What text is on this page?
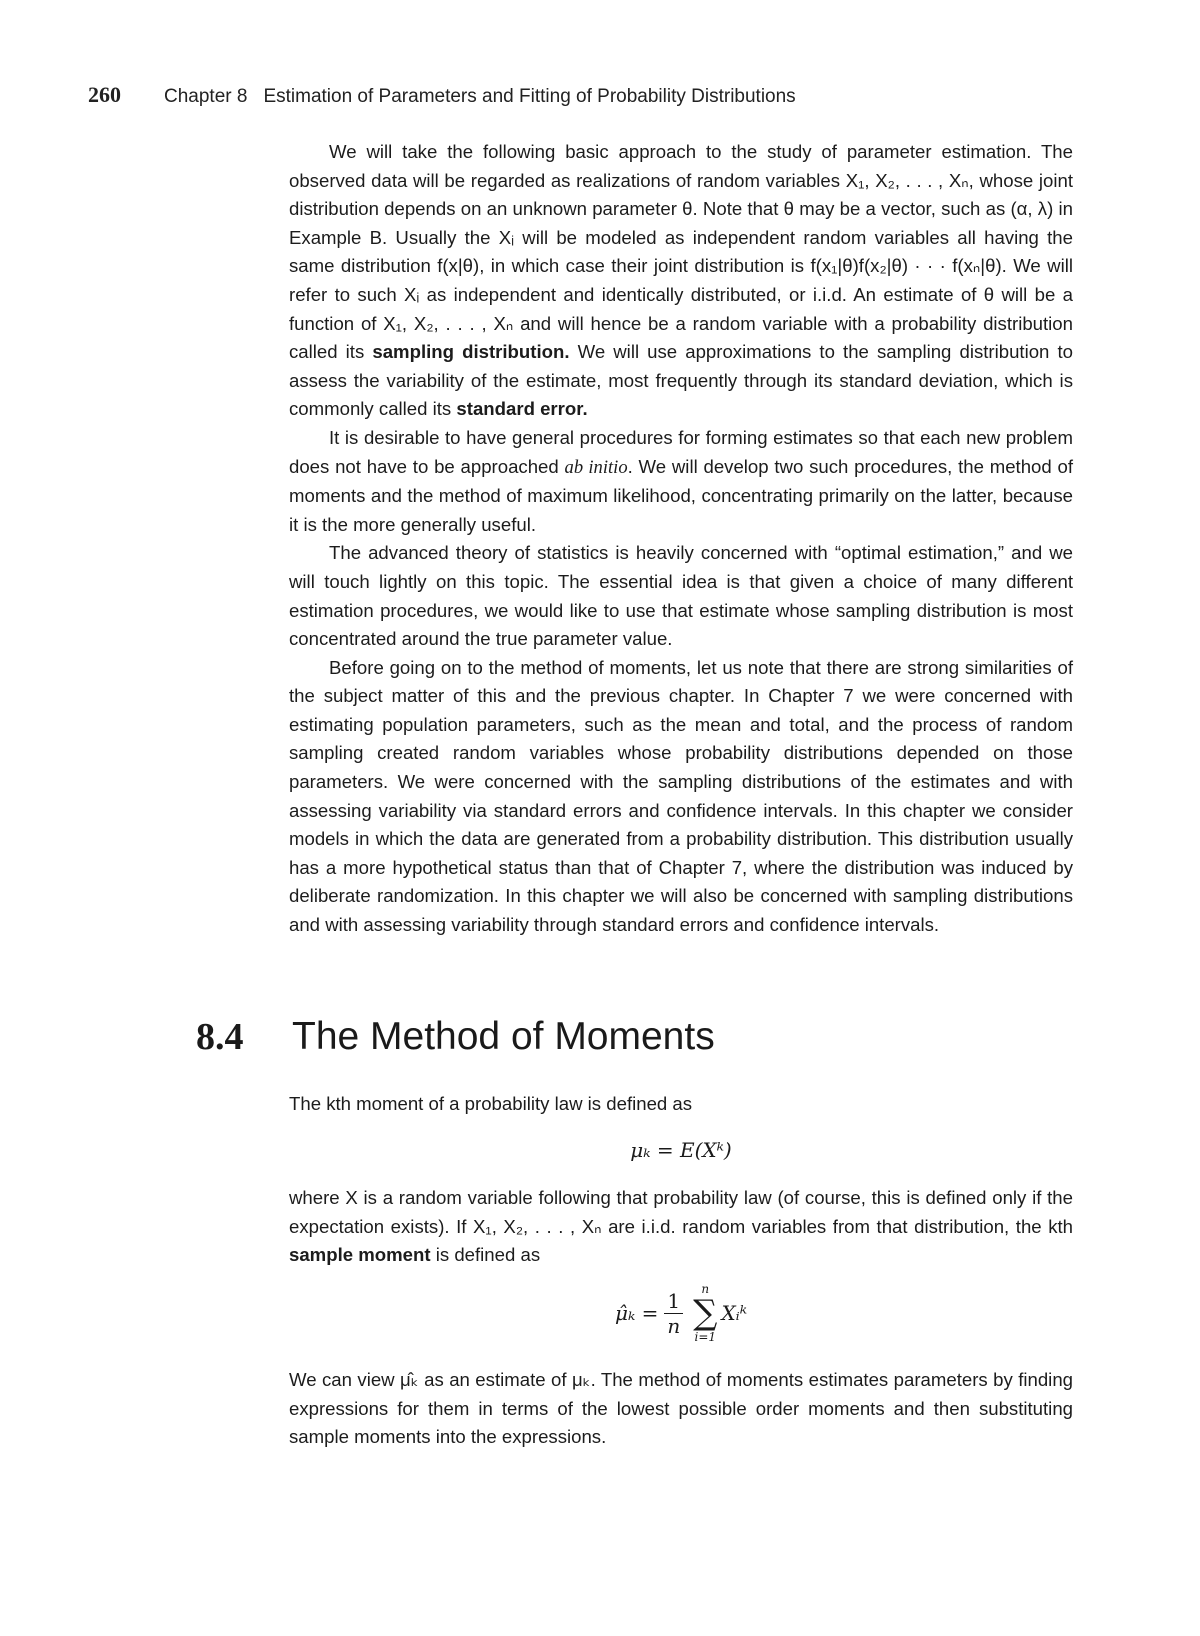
260 Chapter 8 Estimation of Parameters and Fitting of Probability Distributions

We will take the following basic approach to the study of parameter estimation. The observed data will be regarded as realizations of random variables X₁, X₂, . . . , Xₙ, whose joint distribution depends on an unknown parameter θ. Note that θ may be a vector, such as (α, λ) in Example B. Usually the Xᵢ will be modeled as independent random variables all having the same distribution f(x|θ), in which case their joint distribution is f(x₁|θ)f(x₂|θ) · · · f(xₙ|θ). We will refer to such Xᵢ as independent and identically distributed, or i.i.d. An estimate of θ will be a function of X₁, X₂, . . . , Xₙ and will hence be a random variable with a probability distribution called its sampling distribution. We will use approximations to the sampling distribution to assess the variability of the estimate, most frequently through its standard deviation, which is commonly called its standard error.

It is desirable to have general procedures for forming estimates so that each new problem does not have to be approached ab initio. We will develop two such procedures, the method of moments and the method of maximum likelihood, concentrating primarily on the latter, because it is the more generally useful.

The advanced theory of statistics is heavily concerned with “optimal estimation,” and we will touch lightly on this topic. The essential idea is that given a choice of many different estimation procedures, we would like to use that estimate whose sampling distribution is most concentrated around the true parameter value.

Before going on to the method of moments, let us note that there are strong similarities of the subject matter of this and the previous chapter. In Chapter 7 we were concerned with estimating population parameters, such as the mean and total, and the process of random sampling created random variables whose probability distributions depended on those parameters. We were concerned with the sampling distributions of the estimates and with assessing variability via standard errors and confidence intervals. In this chapter we consider models in which the data are generated from a probability distribution. This distribution usually has a more hypothetical status than that of Chapter 7, where the distribution was induced by deliberate randomization. In this chapter we will also be concerned with sampling distributions and with assessing variability through standard errors and confidence intervals.

8.4 The Method of Moments
The kth moment of a probability law is defined as
μₖ = E(Xᵏ)
where X is a random variable following that probability law (of course, this is defined only if the expectation exists). If X₁, X₂, . . . , Xₙ are i.i.d. random variables from that distribution, the kth sample moment is defined as
μ̂ₖ = $\frac{1}{n}$ n
∑
i=1
Xᵢᵏ
We can view μ̂ₖ as an estimate of μₖ. The method of moments estimates parameters by finding expressions for them in terms of the lowest possible order moments and then substituting sample moments into the expressions.
